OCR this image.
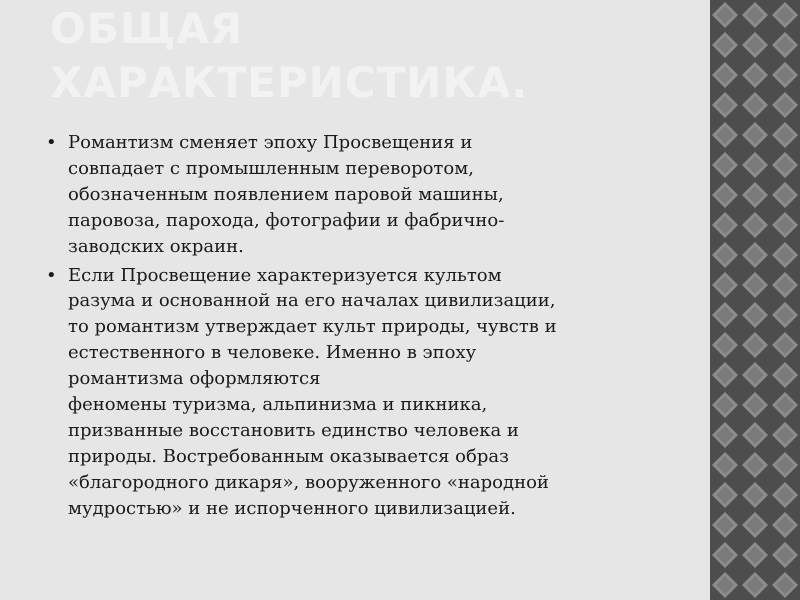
ОБЩАЯ
ХАРАКТЕРИСТИКА.
• Романтизм сменяет эпоху Просвещения и
совпадает с промышленным переворотом,
обозначенным появлением паровой машины,
паровоза, парохода, фотографии и фабрично-
заводских окраин.
• Если Просвещение характеризуется культом
разума и основанной на его началах цивилизации,
то романтизм утверждает культ природы, чувств и
естественного в человеке. Именно в эпоху
романтизма оформляются
феномены туризма, альпинизма и пикника,
призванные восстановить единство человека и
природы. Востребованным оказывается образ
«благородного дикаря», вооруженного «народной
мудростью» и не испорченного цивилизацией.
